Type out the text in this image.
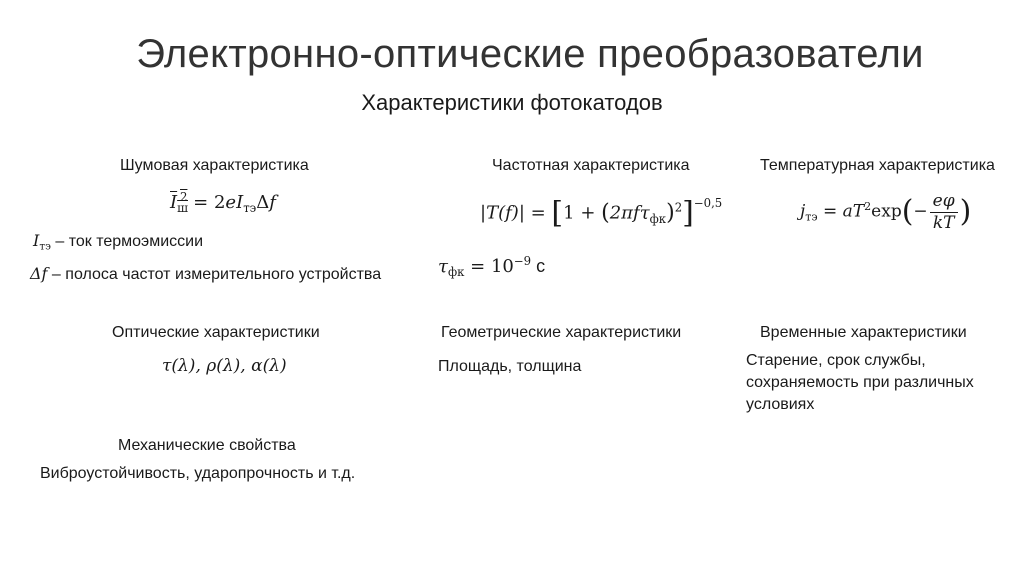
Электронно-оптические преобразователи
Характеристики фотокатодов
Шумовая характеристика
$I_ш^2 = 2eI_{тэ}\Delta f$
$I_{тэ}$ – ток термоэмиссии
Δf – полоса частот измерительного устройства
Частотная характеристика
$|T(f)| = [1 + (2\pi f\tau_{фк})^2]^{-0,5}$
$\tau_{фк} = 10^{-9}$ с
Температурная характеристика
$j_{тэ} = aT^2\exp(- \frac{e\varphi}{kT}$ )
Оптические характеристики
τ(λ), ρ(λ), α(λ)
Геометрические характеристики
Площадь, толщина
Временные характеристики
Старение, срок службы, сохраняемость при различных условиях
Механические свойства
Виброустойчивость, ударопрочность и т.д.
